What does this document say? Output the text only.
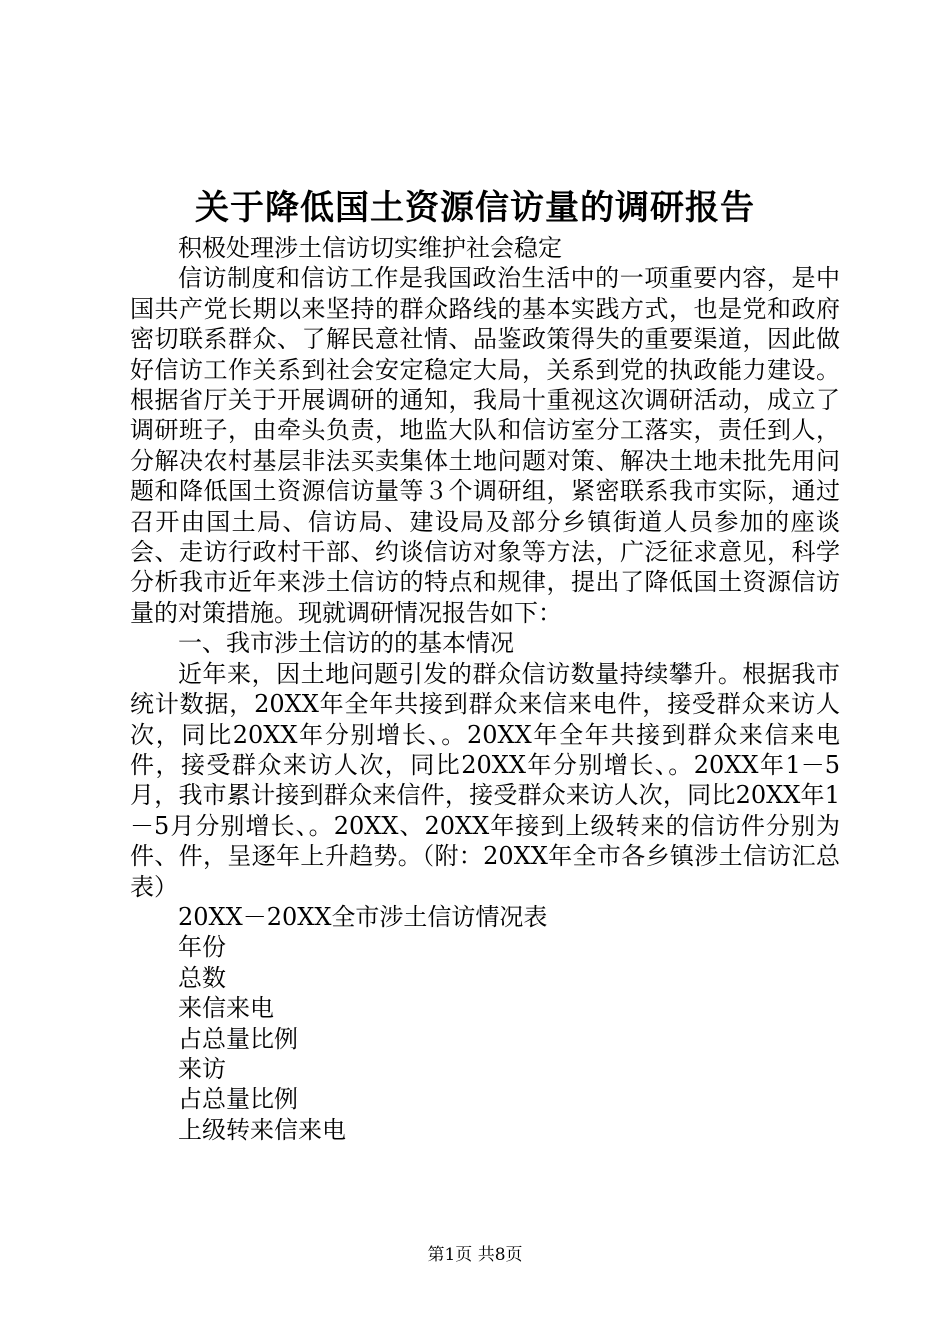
关于降低国土资源信访量的调研报告

积极处理涉土信访切实维护社会稳定

信访制度和信访工作是我国政治生活中的一项重要内容，是中国共产党长期以来坚持的群众路线的基本实践方式，也是党和政府密切联系群众、了解民意社情、品鉴政策得失的重要渠道，因此做好信访工作关系到社会安定稳定大局，关系到党的执政能力建设。根据省厅关于开展调研的通知，我局十重视这次调研活动，成立了调研班子，由牵头负责，地监大队和信访室分工落实，责任到人，分解决农村基层非法买卖集体土地问题对策、解决土地未批先用问题和降低国土资源信访量等３个调研组，紧密联系我市实际，通过召开由国土局、信访局、建设局及部分乡镇街道人员参加的座谈会、走访行政村干部、约谈信访对象等方法，广泛征求意见，科学分析我市近年来涉土信访的特点和规律，提出了降低国土资源信访量的对策措施。现就调研情况报告如下：

一、我市涉土信访的的基本情况

近年来，因土地问题引发的群众信访数量持续攀升。根据我市统计数据，20XX年全年共接到群众来信来电件，接受群众来访人次，同比20XX年分别增长、。20XX年全年共接到群众来信来电件，接受群众来访人次，同比20XX年分别增长、。20XX年1－5月，我市累计接到群众来信件，接受群众来访人次，同比20XX年1－5月分别增长、。20XX、20XX年接到上级转来的信访件分别为件、件，呈逐年上升趋势。（附：20XX年全市各乡镇涉土信访汇总表）

20XX－20XX全市涉土信访情况表

年份

总数

来信来电

占总量比例

来访

占总量比例

上级转来信来电

第1页 共8页
